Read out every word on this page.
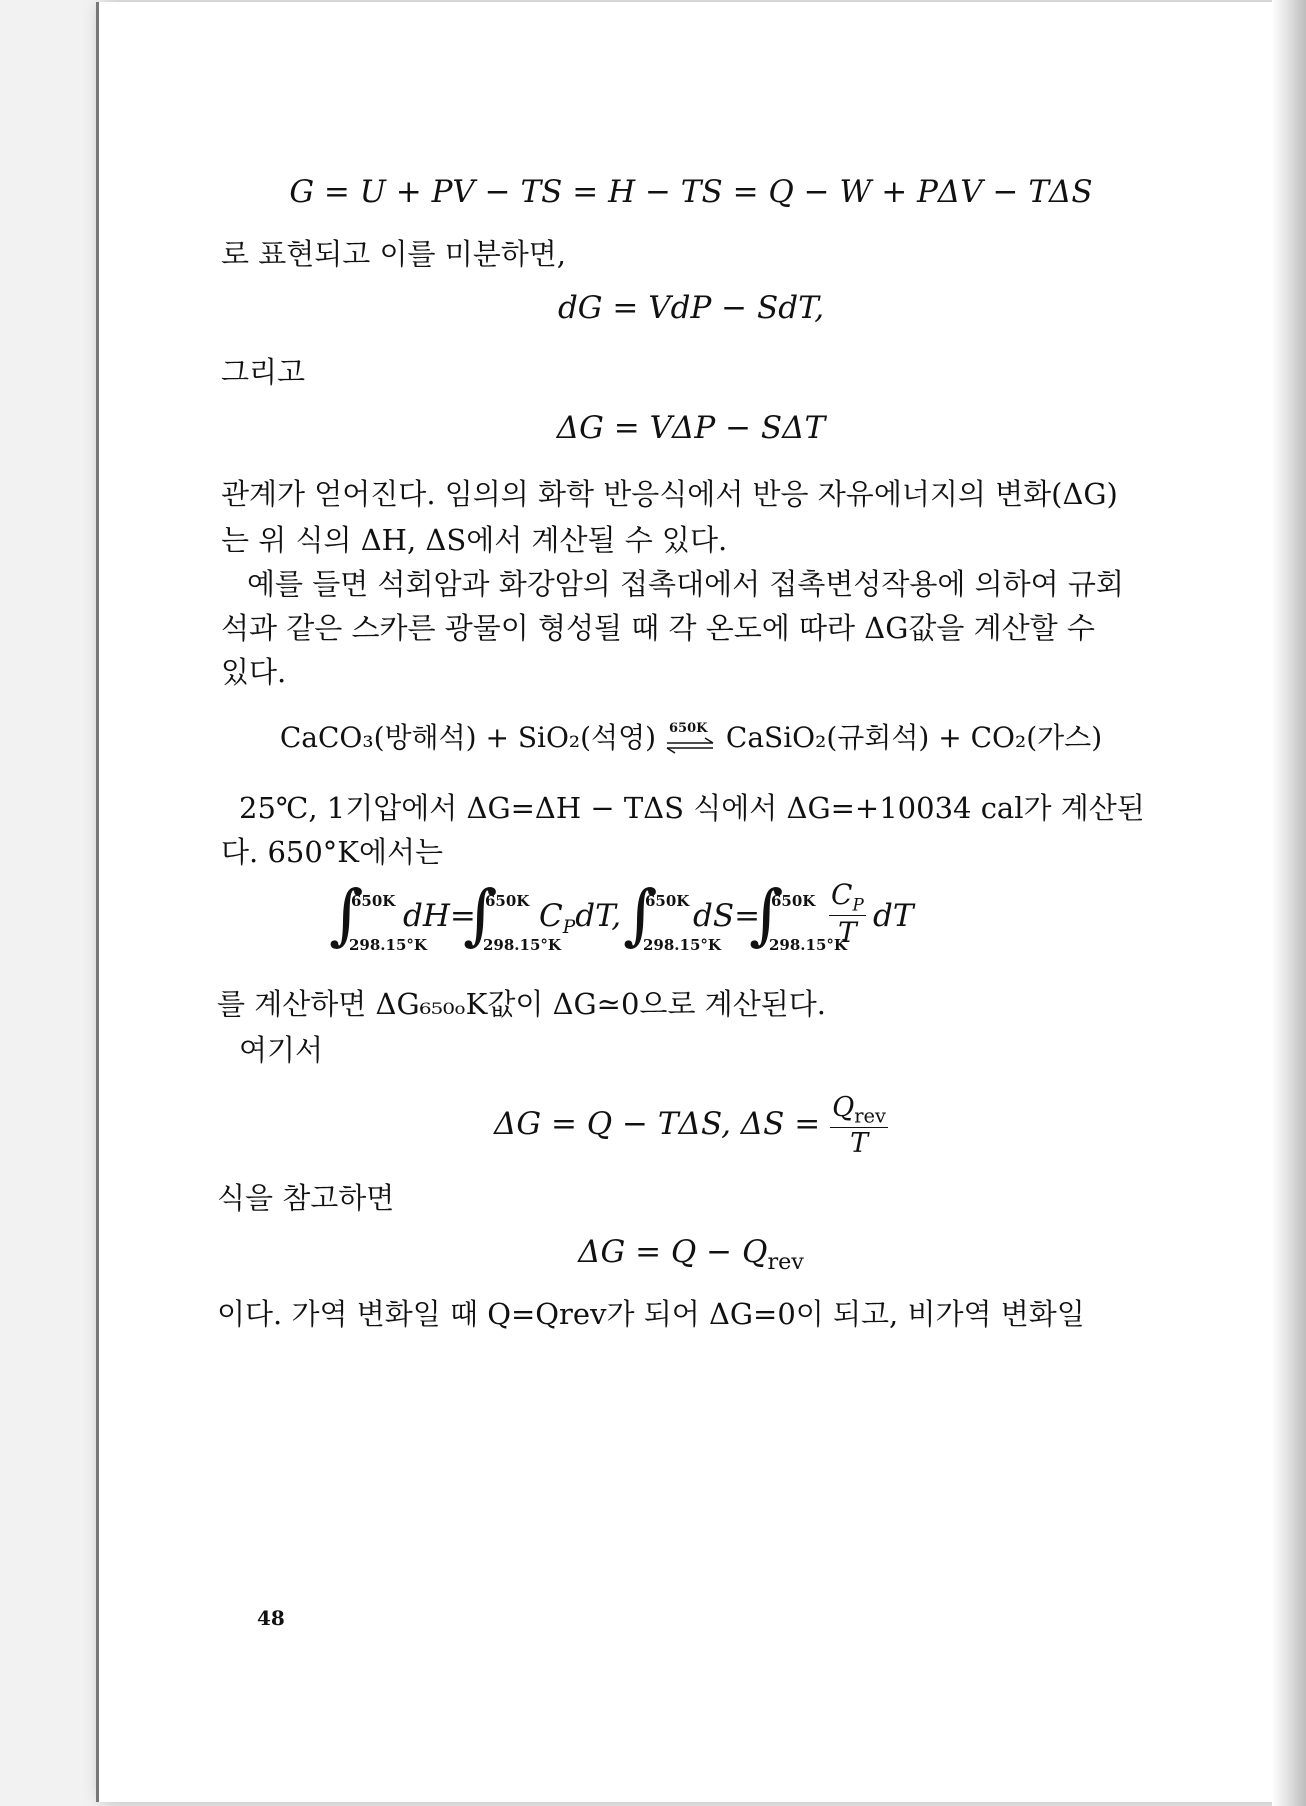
G = U + PV − TS = H − TS = Q − W + PΔV − TΔS
로 표현되고 이를 미분하면,
dG = VdP − SdT,
그리고
ΔG = VΔP − SΔT
관계가 얻어진다. 임의의 화학 반응식에서 반응 자유에너지의 변화(ΔG)
는 위 식의 ΔH, ΔS에서 계산될 수 있다.
예를 들면 석회암과 화강암의 접촉대에서 접촉변성작용에 의하여 규회
석과 같은 스카른 광물이 형성될 때 각 온도에 따라 ΔG값을 계산할 수
있다.
CaCO₃(방해석) + SiO₂(석영) 650K CaSiO₂(규회석) + CO₂(가스)
25℃, 1기압에서 ΔG=ΔH − TΔS 식에서 ΔG=+10034 cal가 계산된
다. 650°K에서는
∫
650K
298.15°K
dH=
∫
650K
298.15°K
$C_PdT$, ∫
650K
298.15°K
dS=
∫
650K
298.15°K
$\frac{C_P}{T}$ dT
를 계산하면 ΔG₆₅₀ₒK값이 ΔG≃0으로 계산된다.
여기서
ΔG = Q − TΔS, $\Delta S = \frac{Q_{rev}}{T}$
식을 참고하면
$\Delta G = Q - Q_{rev}$
이다. 가역 변화일 때 Q=Qrev가 되어 ΔG=0이 되고, 비가역 변화일
48
